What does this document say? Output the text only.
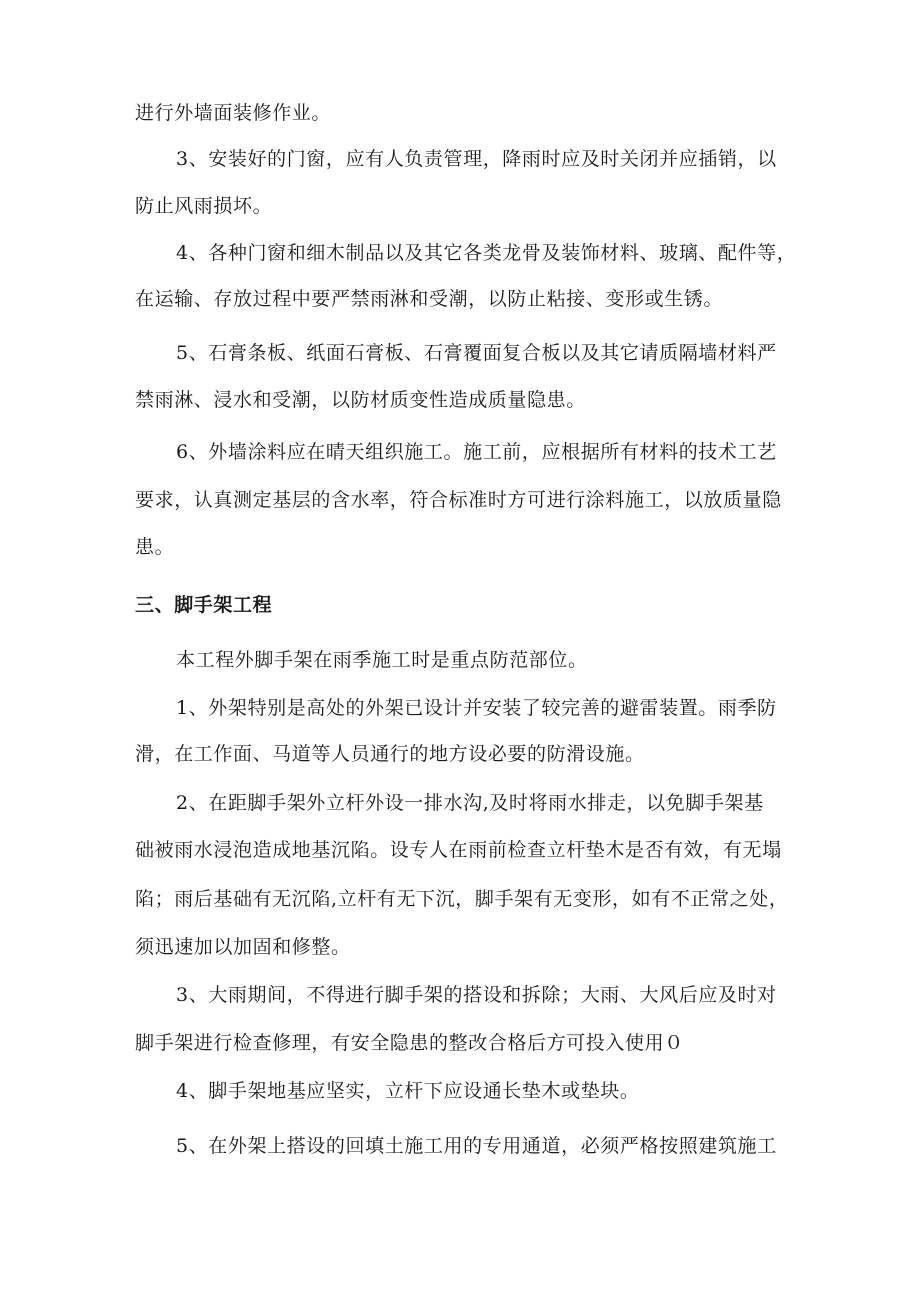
进行外墙面装修作业。

3、安装好的门窗，应有人负责管理，降雨时应及时关闭并应插销，以

防止风雨损坏。

4、各种门窗和细木制品以及其它各类龙骨及装饰材料、玻璃、配件等，

在运输、存放过程中要严禁雨淋和受潮，以防止粘接、变形或生锈。

5、石膏条板、纸面石膏板、石膏覆面复合板以及其它请质隔墙材料严

禁雨淋、浸水和受潮，以防材质变性造成质量隐患。

6、外墙涂料应在晴天组织施工。施工前，应根据所有材料的技术工艺

要求，认真测定基层的含水率，符合标准时方可进行涂料施工，以放质量隐

患。

三、脚手架工程

本工程外脚手架在雨季施工时是重点防范部位。

1、外架特别是高处的外架已设计并安装了较完善的避雷装置。雨季防

滑，在工作面、马道等人员通行的地方设必要的防滑设施。

2、在距脚手架外立杆外设一排水沟,及时将雨水排走，以免脚手架基

础被雨水浸泡造成地基沉陷。设专人在雨前检查立杆垫木是否有效，有无塌

陷；雨后基础有无沉陷,立杆有无下沉，脚手架有无变形，如有不正常之处，

须迅速加以加固和修整。

3、大雨期间，不得进行脚手架的搭设和拆除；大雨、大风后应及时对

脚手架进行检查修理，有安全隐患的整改合格后方可投入使用０

4、脚手架地基应坚实，立杆下应设通长垫木或垫块。

5、在外架上搭设的回填土施工用的专用通道，必须严格按照建筑施工
